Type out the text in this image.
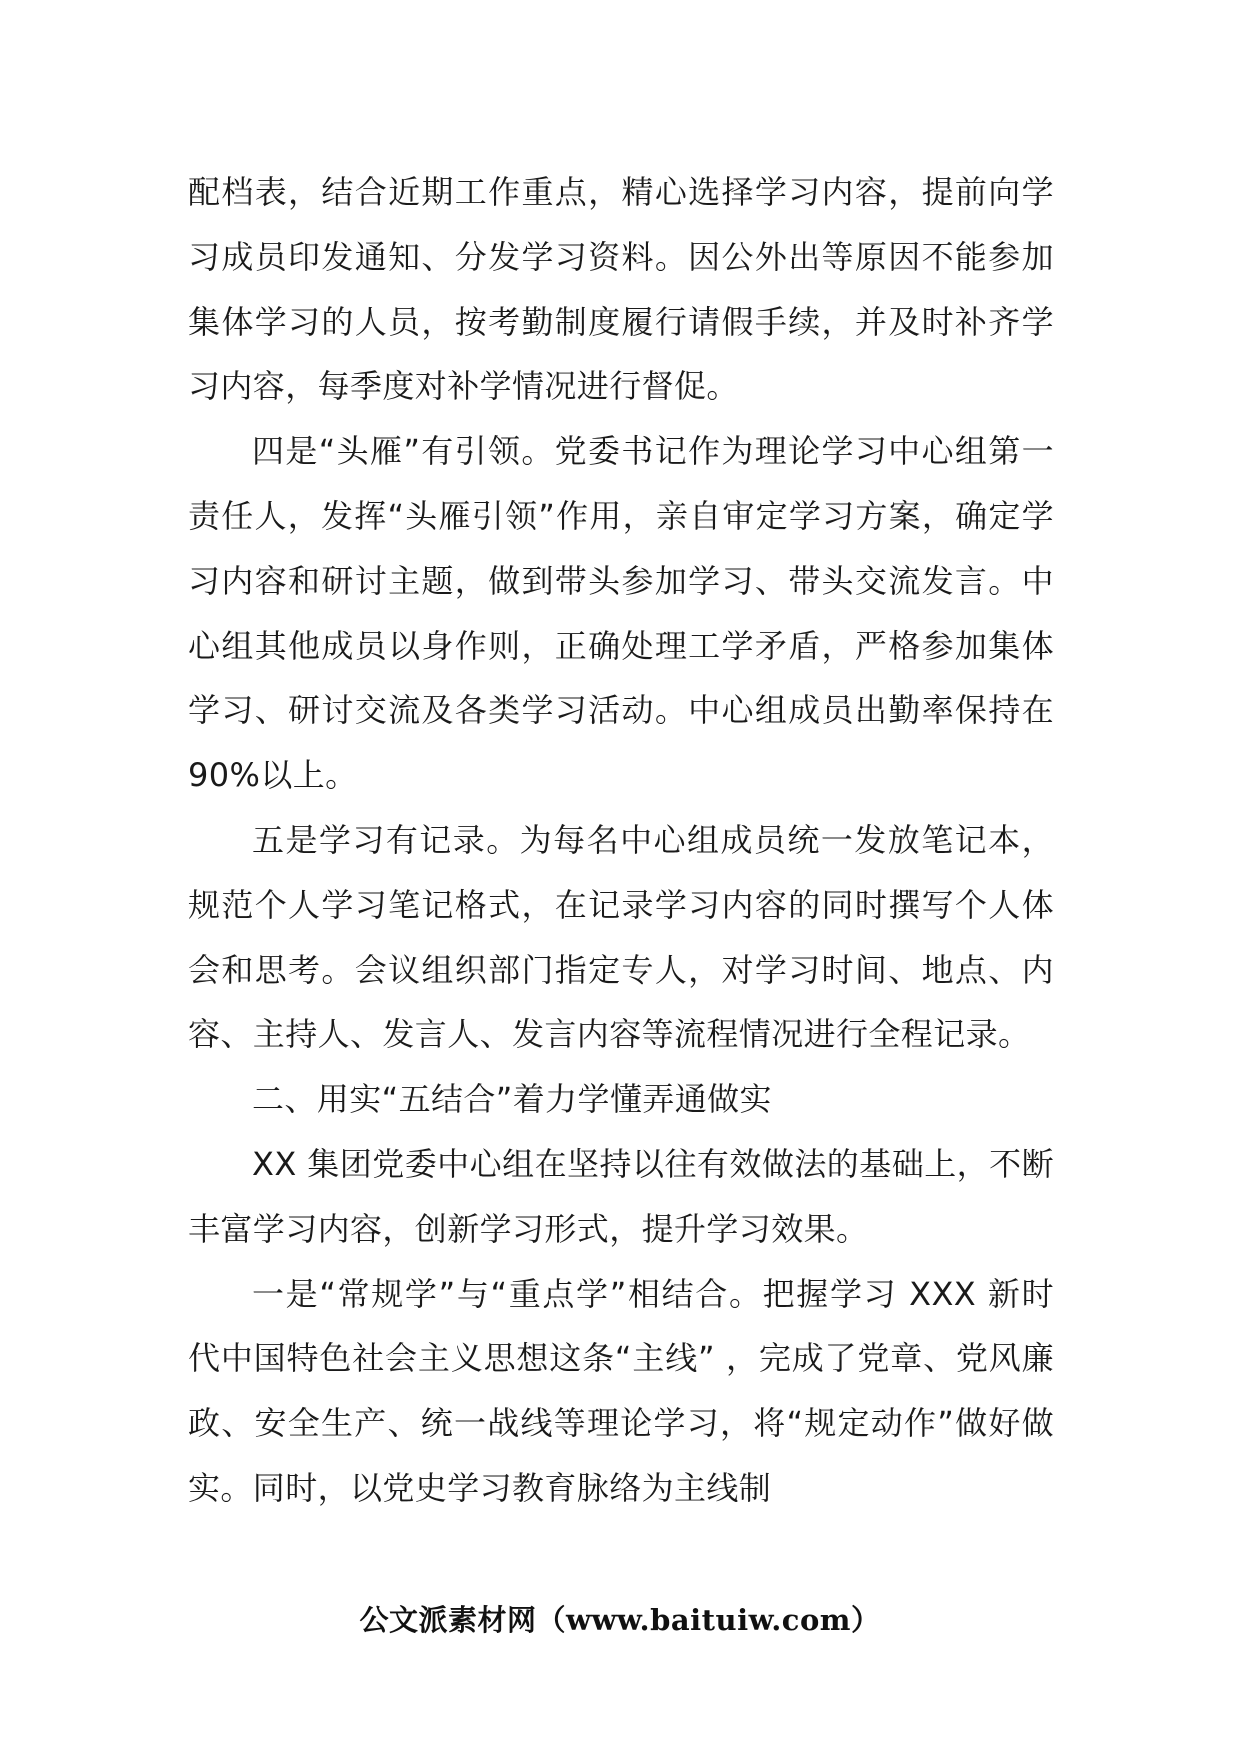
配档表，结合近期工作重点，精心选择学习内容，提前向学习成员印发通知、分发学习资料。因公外出等原因不能参加集体学习的人员，按考勤制度履行请假手续，并及时补齐学习内容，每季度对补学情况进行督促。

四是“头雁”有引领。党委书记作为理论学习中心组第一责任人，发挥“头雁引领”作用，亲自审定学习方案，确定学习内容和研讨主题，做到带头参加学习、带头交流发言。中心组其他成员以身作则，正确处理工学矛盾，严格参加集体学习、研讨交流及各类学习活动。中心组成员出勤率保持在 90%以上。

五是学习有记录。为每名中心组成员统一发放笔记本，规范个人学习笔记格式，在记录学习内容的同时撰写个人体会和思考。会议组织部门指定专人，对学习时间、地点、内容、主持人、发言人、发言内容等流程情况进行全程记录。

二、用实“五结合”着力学懂弄通做实

XX 集团党委中心组在坚持以往有效做法的基础上，不断丰富学习内容，创新学习形式，提升学习效果。

一是“常规学”与“重点学”相结合。把握学习 XXX 新时代中国特色社会主义思想这条“主线” ，完成了党章、党风廉政、安全生产、统一战线等理论学习，将“规定动作”做好做实。同时，以党史学习教育脉络为主线制

公文派素材网（www.baituiw.com）
